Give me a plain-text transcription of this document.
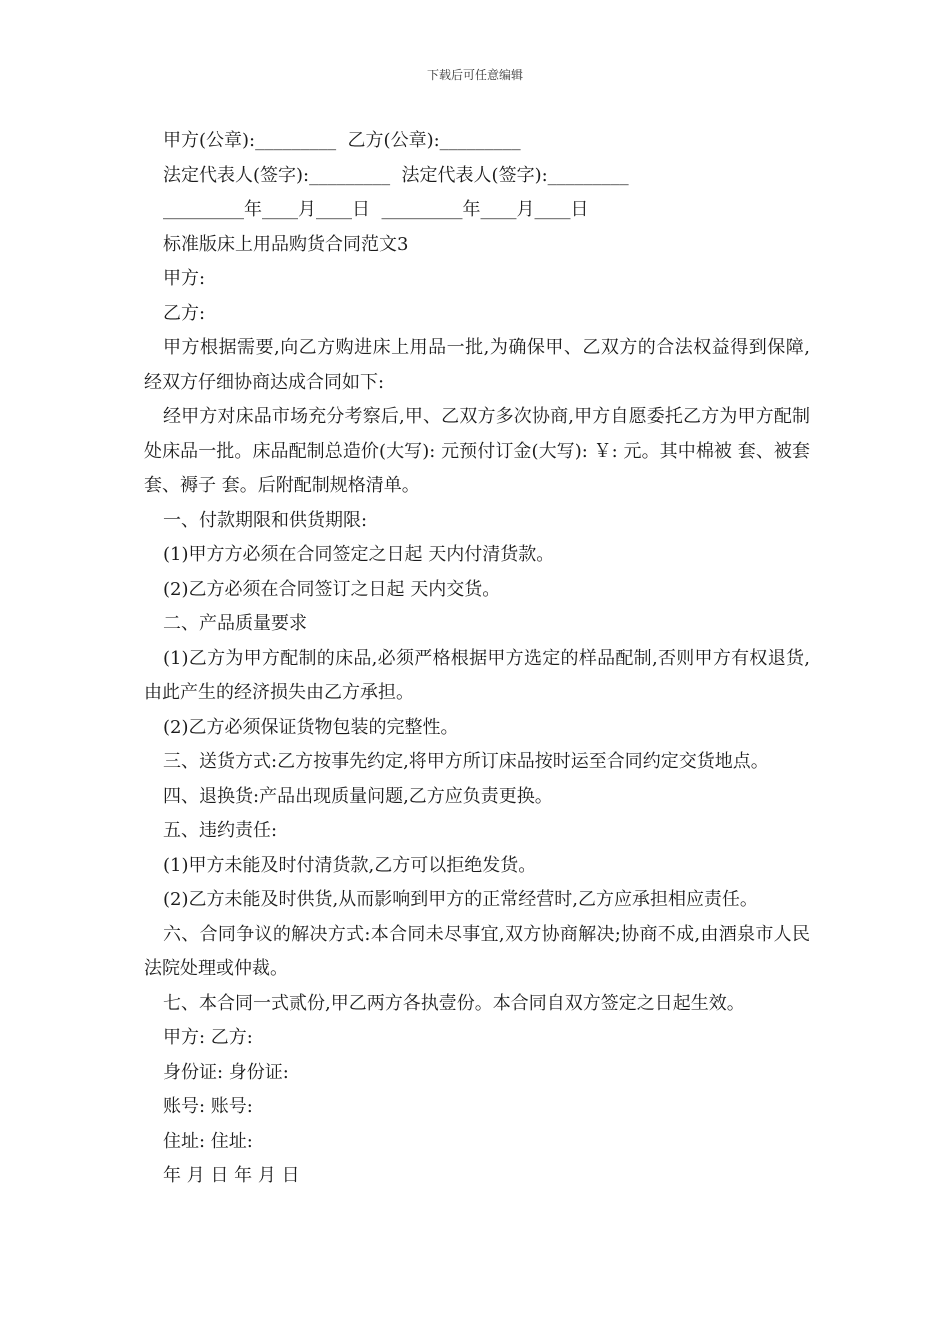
下载后可任意编辑

甲方(公章):_________  乙方(公章):_________

法定代表人(签字):_________  法定代表人(签字):_________

_________年____月____日  _________年____月____日

标准版床上用品购货合同范文3

甲方:

乙方:

甲方根据需要,向乙方购进床上用品一批,为确保甲、乙双方的合法权益得到保障,经双方仔细协商达成合同如下:

经甲方对床品市场充分考察后,甲、乙双方多次协商,甲方自愿委托乙方为甲方配制处床品一批。床品配制总造价(大写): 元预付订金(大写): ￥: 元。其中棉被 套、被套 套、褥子 套。后附配制规格清单。

一、付款期限和供货期限:

(1)甲方方必须在合同签定之日起 天内付清货款。

(2)乙方必须在合同签订之日起 天内交货。

二、产品质量要求

(1)乙方为甲方配制的床品,必须严格根据甲方选定的样品配制,否则甲方有权退货,由此产生的经济损失由乙方承担。

(2)乙方必须保证货物包装的完整性。

三、送货方式:乙方按事先约定,将甲方所订床品按时运至合同约定交货地点。

四、退换货:产品出现质量问题,乙方应负责更换。

五、违约责任:

(1)甲方未能及时付清货款,乙方可以拒绝发货。

(2)乙方未能及时供货,从而影响到甲方的正常经营时,乙方应承担相应责任。

六、合同争议的解决方式:本合同未尽事宜,双方协商解决;协商不成,由酒泉市人民法院处理或仲裁。

七、本合同一式贰份,甲乙两方各执壹份。本合同自双方签定之日起生效。

甲方: 乙方:

身份证: 身份证:

账号: 账号:

住址: 住址:

年 月 日 年 月 日
